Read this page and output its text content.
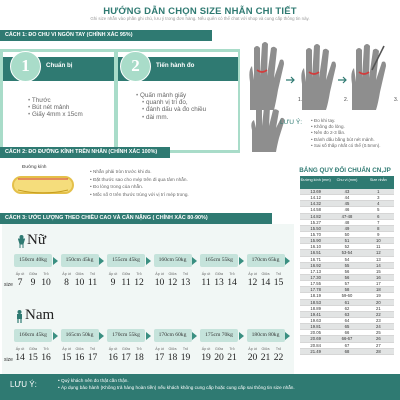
HƯỚNG DẪN CHỌN SIZE NHẪN CHI TIẾT
Ghi size nhẫn vào phần ghi chú, lưu ý trong đơn hàng. Nếu quên có thể chat với shop và cung cấp thông tin này.
CÁCH 1: ĐO CHU VI NGÓN TAY (CHÍNH XÁC 95%)
1	Chuẩn bị
• Thước
• Bút nét mảnh
• Giấy 4mm x 15cm
2	Tiến hành đo
• Quấn mảnh giấy
• quanh vị trí đo,
• đánh dấu và đo chiều
• dài mm.
1.	2.	3.
LƯU Ý:
•	Đo khi tay.
• Không đo lỏng.
• Nên đo 2-3 lần.
• Đánh dấu bằng bút nét mảnh.
• Sai số thấp nhất có thể (0.5mm).
CÁCH 2: ĐO ĐƯỜNG KÍNH TRÊN NHẪN (CHÍNH XÁC 100%)
Đường kính
• Nhẫn phải tròn trước khi đo.
• Đặt thước sao cho mép trên đi qua tâm nhẫn.
• Đo lòng trong của nhẫn.
• Mốc số 0 trên thước trùng với vị trí mép trong.
BẢNG QUY ĐỔI CHUẨN CN,JP
Đường kính (mm)	Chu vi (mm)	Size nhẫn
13.69	43	1
14.12	44	3
14.32	45	4
14.58	46	5
14.82	47-48	6
15.27	48	7
15.50	49	8
15.70	50	9
15.90	51	10
16.10	52	11
16.51	53-54	12
16.71	54	13
16.92	55	14
17.13	56	15
17.30	56	16
17.55	57	17
17.78	58	18
18.19	59-60	19
18.53	61	20
18.89	62	21
19.41	63	22
19.63	64	23
19.81	65	24
20.05	66	25
20.69	66-67	26
20.84	67	27
21.49	68	28
CÁCH 3: ƯỚC LƯỢNG THEO CHIỀU CAO VÀ CÂN NẶNG ( CHÍNH XÁC 80-90%)
Nữ
150cm 40kg	150cm 45kg	155cm 45kg	160cm 50kg	165cm 55kg	170cm 65kg
Áp út	Giữa	Trỏ	Áp út	Giữa	Trỏ	Áp út	Giữa	Trỏ	Áp út	Giữa	Trỏ	Áp út	Giữa	Trỏ	Áp út	Giữa	Trỏ
size 7 9 10	8 10 11	9 11 12 10 12 13 11 13 14 12 14 15
Nam
160cm 45kg	165cm 50kg	170cm 55kg	170cm 60kg	175cm 70kg	180cm 80kg
Áp út	Giữa	Trỏ	Áp út	Giữa	Trỏ	Áp út	Giữa	Trỏ	Áp út	Giữa	Trỏ	Áp út	Giữa	Trỏ	Áp út	Giữa	Trỏ
size 14 15 16 15 16 17 16 17 18 17 18 19 19 20 21 20 21 22
LƯU Ý:	• Quý khách nên đo thật cần thận.
• Áp dụng bảo hành (Không trả hàng hoàn tiền) nếu khách không cung cấp hoặc cung cấp sai thông tin size nhẫn.
